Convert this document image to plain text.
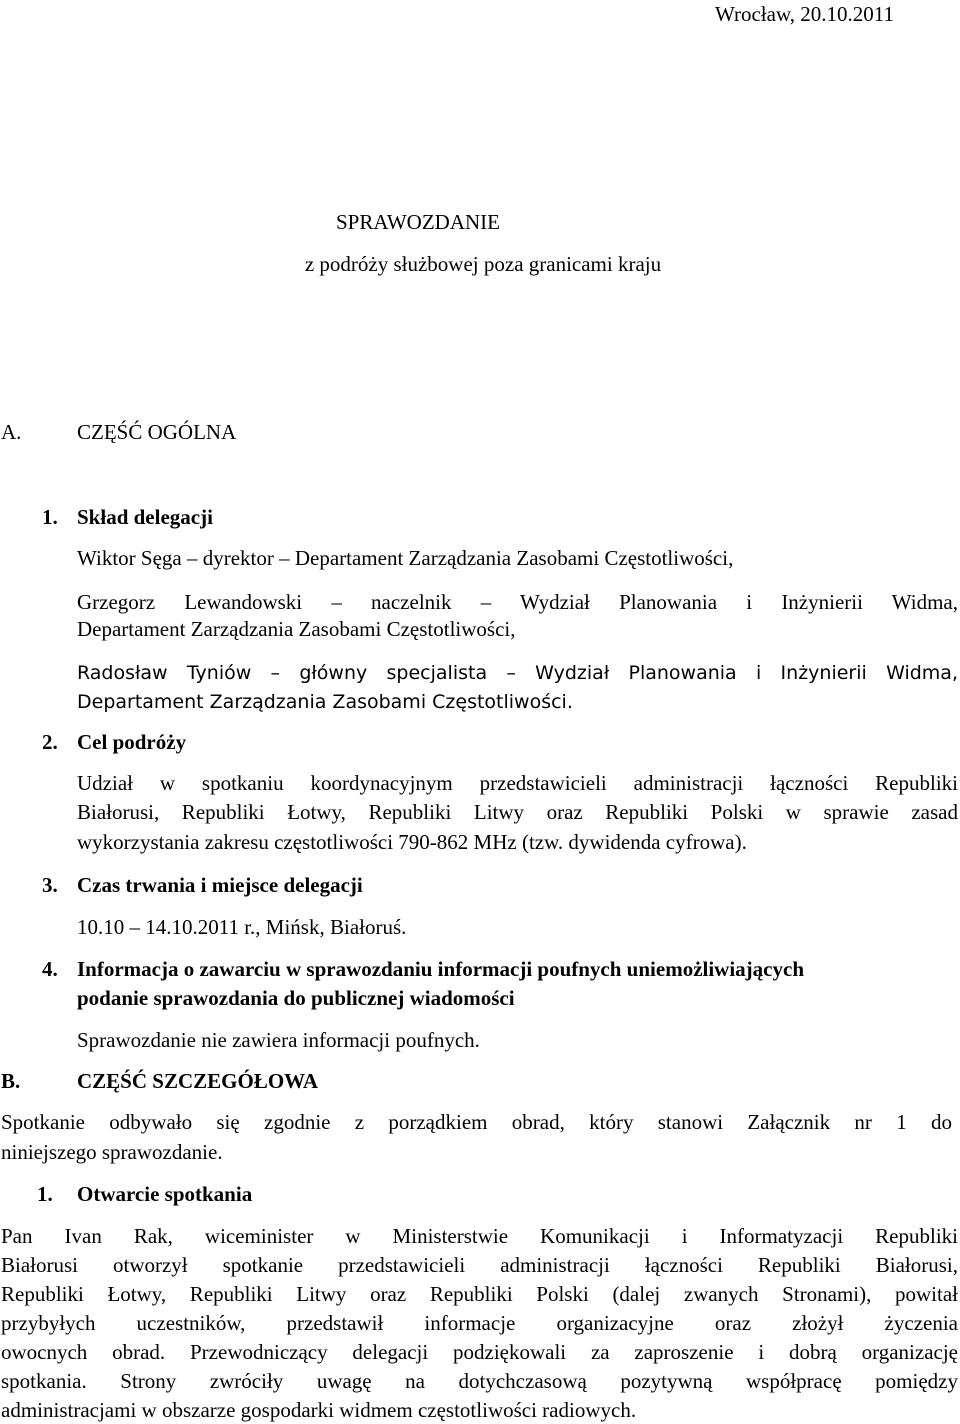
Wrocław, 20.10.2011
SPRAWOZDANIE
z podróży służbowej poza granicami kraju
A.	CZĘŚĆ OGÓLNA
1. Skład delegacji
Wiktor Sęga – dyrektor – Departament Zarządzania Zasobami Częstotliwości,
Grzegorz Lewandowski – naczelnik – Wydział Planowania i Inżynierii Widma,
Departament Zarządzania Zasobami Częstotliwości,
Radosław Tyniów – główny specjalista – Wydział Planowania i Inżynierii Widma,
Departament Zarządzania Zasobami Częstotliwości.
2. Cel podróży
Udział w spotkaniu koordynacyjnym przedstawicieli administracji łączności Republiki
Białorusi, Republiki Łotwy, Republiki Litwy oraz Republiki Polski w sprawie zasad
wykorzystania zakresu częstotliwości 790-862 MHz (tzw. dywidenda cyfrowa).
3. Czas trwania i miejsce delegacji
10.10 – 14.10.2011 r., Mińsk, Białoruś.
4. Informacja o zawarciu w sprawozdaniu informacji poufnych uniemożliwiających
podanie sprawozdania do publicznej wiadomości
Sprawozdanie nie zawiera informacji poufnych.
B.	CZĘŚĆ SZCZEGÓŁOWA
Spotkanie odbywało się zgodnie z porządkiem obrad, który stanowi Załącznik nr 1 do
niniejszego sprawozdanie.
1. Otwarcie spotkania
Pan Ivan Rak, wiceminister w Ministerstwie Komunikacji i Informatyzacji Republiki
Białorusi otworzył spotkanie przedstawicieli administracji łączności Republiki Białorusi,
Republiki Łotwy, Republiki Litwy oraz Republiki Polski (dalej zwanych Stronami), powitał
przybyłych uczestników, przedstawił informacje organizacyjne oraz złożył życzenia
owocnych obrad. Przewodniczący delegacji podziękowali za zaproszenie i dobrą organizację
spotkania. Strony zwróciły uwagę na dotychczasową pozytywną współpracę pomiędzy
administracjami w obszarze gospodarki widmem częstotliwości radiowych.
